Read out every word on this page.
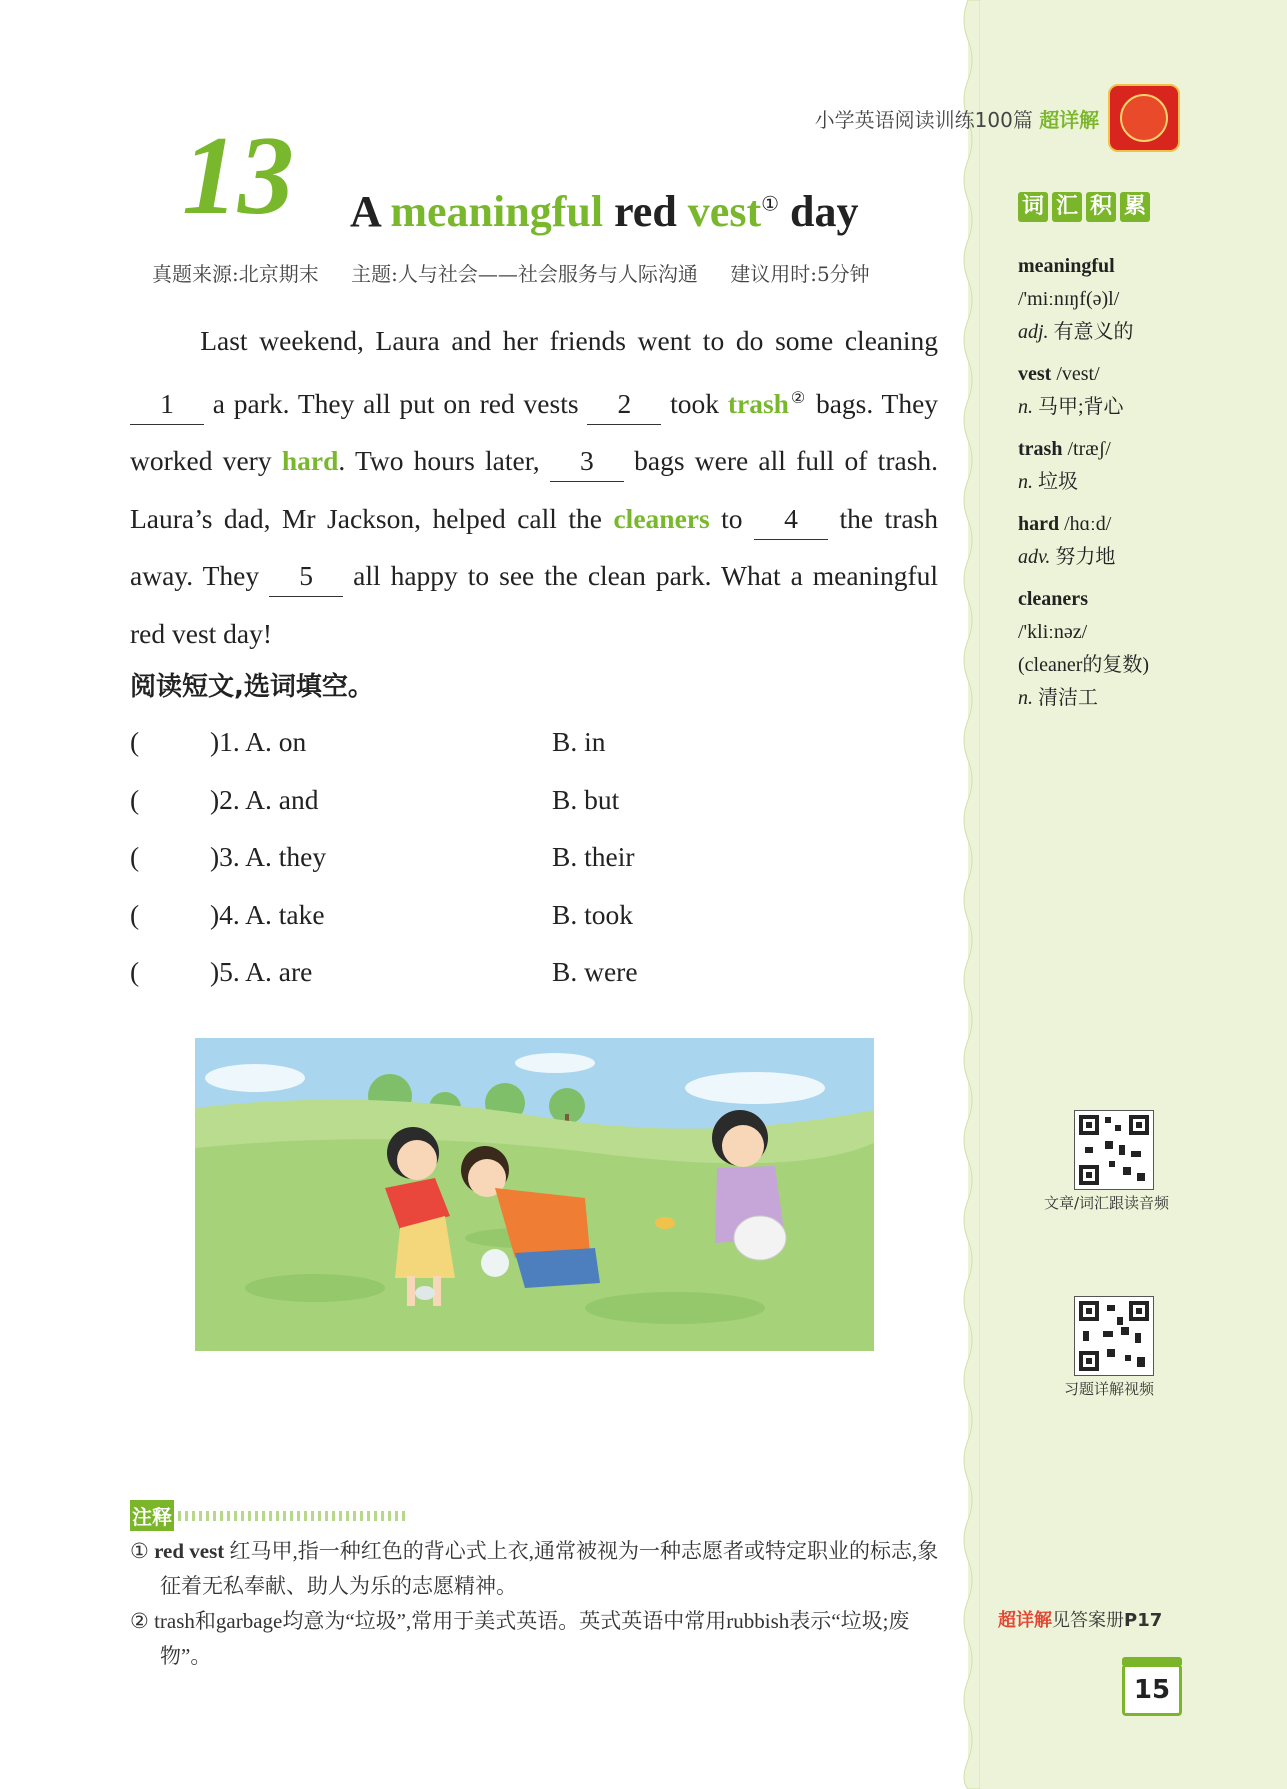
小学英语阅读训练100篇 超详解
13 A meaningful red vest① day
真题来源:北京期末 主题:人与社会——社会服务与人际沟通 建议用时:5分钟
Last weekend, Laura and her friends went to do some cleaning 1 a park. They all put on red vests 2 took trash② bags. They worked very hard. Two hours later, 3 bags were all full of trash. Laura’s dad, Mr Jackson, helped call the cleaners to 4 the trash away. They 5 all happy to see the clean park. What a meaningful red vest day!
阅读短文,选词填空。
(	)1. A. on	B. in
(	)2. A. and	B. but
(	)3. A. they	B. their
(	)4. A. take	B. took
(	)5. A. are	B. were
词 汇 积 累
meaningful
/'miːnɪŋf(ə)l/
adj. 有意义的
vest /vest/
n. 马甲;背心
trash /træʃ/
n. 垃圾
hard /hɑːd/
adv. 努力地
cleaners
/'kliːnəz/
(cleaner的复数)
n. 清洁工
文章/词汇跟读音频
习题详解视频
注释
① red vest 红马甲,指一种红色的背心式上衣,通常被视为一种志愿者或特定职业的标志,象征着无私奉献、助人为乐的志愿精神。
② trash和garbage均意为“垃圾”,常用于美式英语。英式英语中常用rubbish表示“垃圾;废物”。
超详解见答案册P17
15
